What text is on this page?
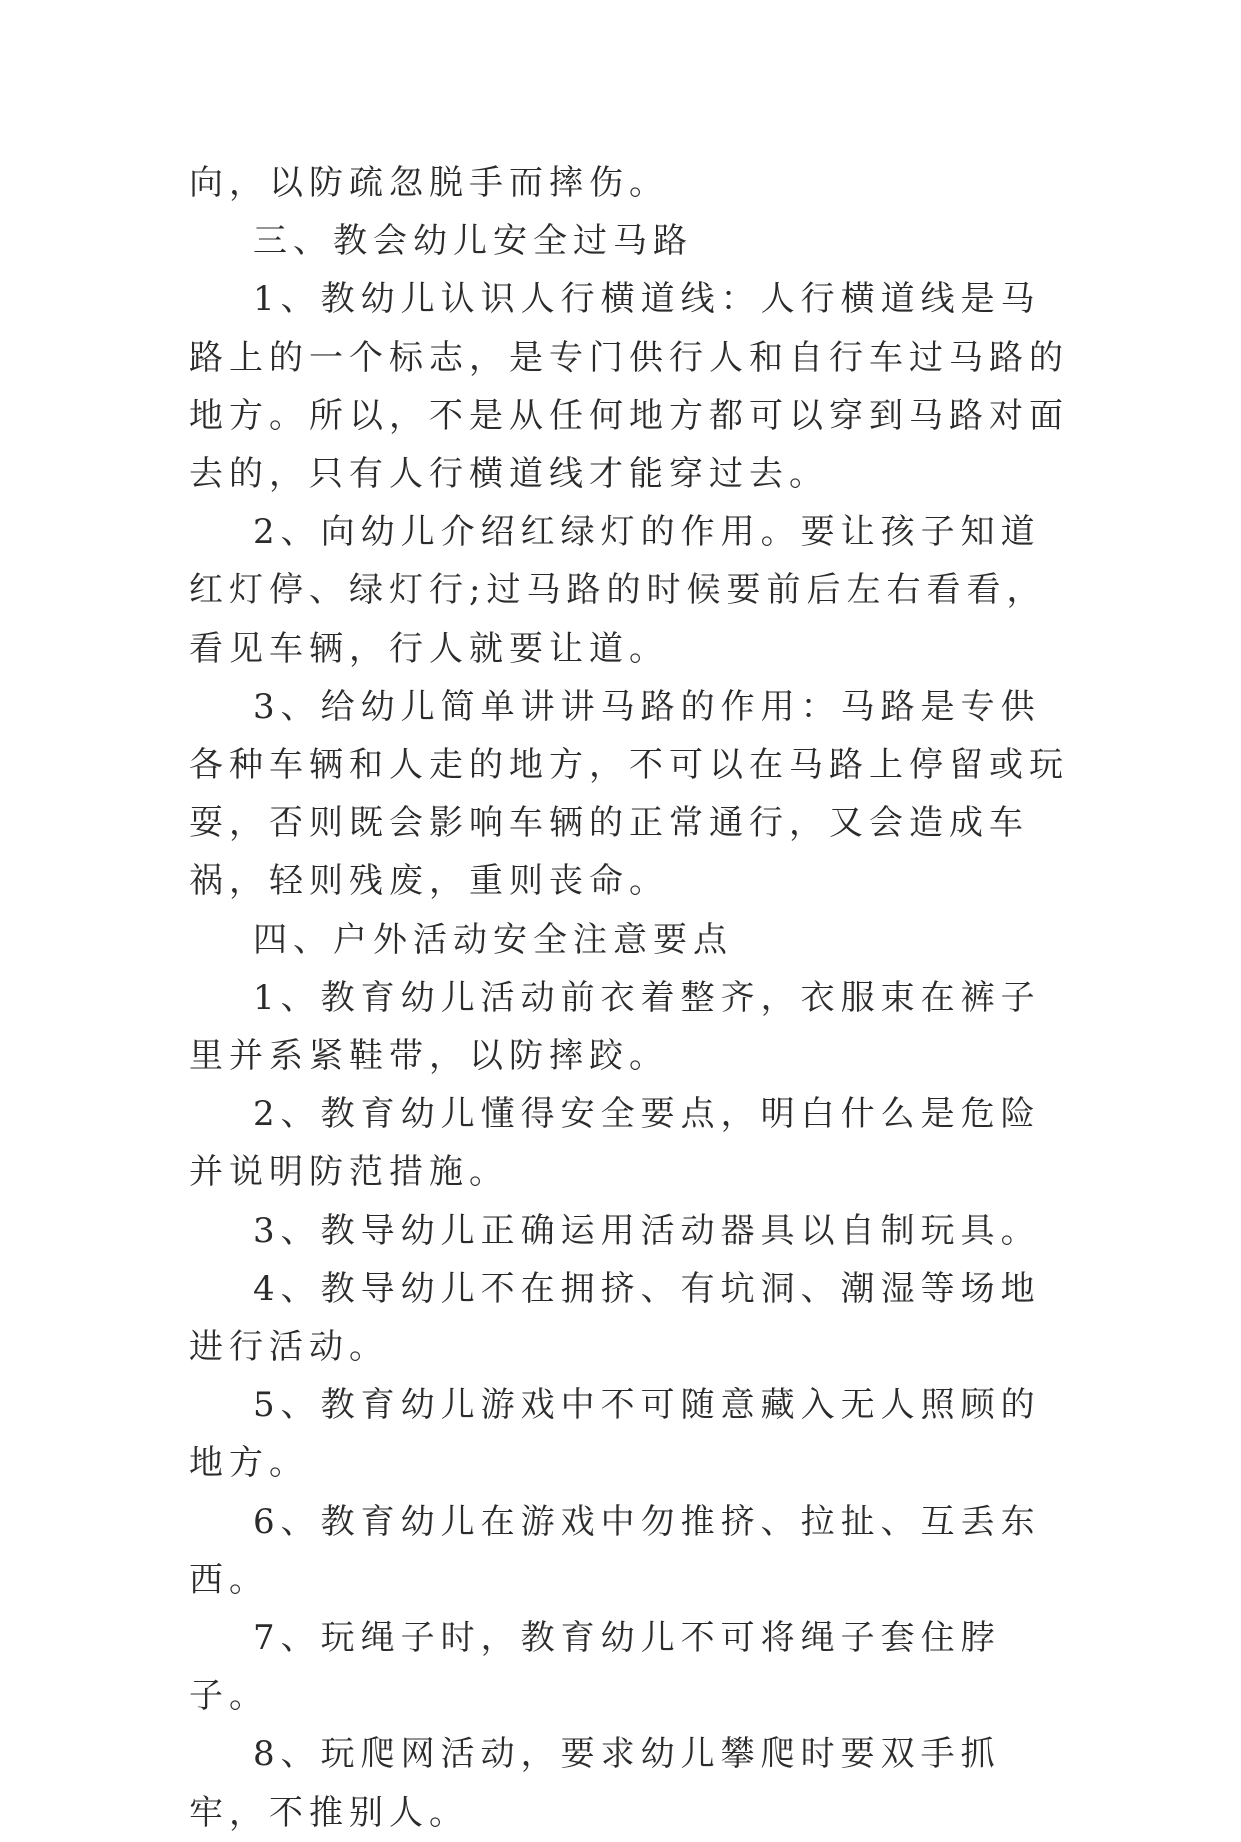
向，以防疏忽脱手而摔伤。

三、教会幼儿安全过马路

1、教幼儿认识人行横道线：人行横道线是马路上的一个标志，是专门供行人和自行车过马路的地方。所以，不是从任何地方都可以穿到马路对面去的，只有人行横道线才能穿过去。

2、向幼儿介绍红绿灯的作用。要让孩子知道红灯停、绿灯行;过马路的时候要前后左右看看，看见车辆，行人就要让道。

3、给幼儿简单讲讲马路的作用：马路是专供各种车辆和人走的地方，不可以在马路上停留或玩耍，否则既会影响车辆的正常通行，又会造成车祸，轻则残废，重则丧命。

四、户外活动安全注意要点

1、教育幼儿活动前衣着整齐，衣服束在裤子里并系紧鞋带，以防摔跤。

2、教育幼儿懂得安全要点，明白什么是危险并说明防范措施。

3、教导幼儿正确运用活动器具以自制玩具。

4、教导幼儿不在拥挤、有坑洞、潮湿等场地进行活动。

5、教育幼儿游戏中不可随意藏入无人照顾的地方。

6、教育幼儿在游戏中勿推挤、拉扯、互丢东西。

7、玩绳子时，教育幼儿不可将绳子套住脖子。

8、玩爬网活动，要求幼儿攀爬时要双手抓牢，不推别人。
